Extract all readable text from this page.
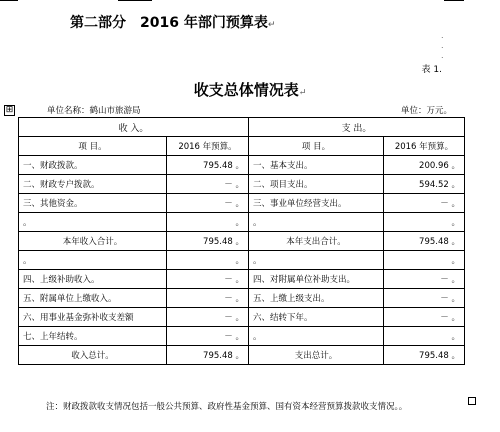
第二部分　2016 年部门预算表↵
.
.
.
表 1.
收支总体情况表↵
⊞	单位名称：鹤山市旅游局	单位：万元。
收 入。		支 出。	
项 目。	2016 年预算。	项 目。	2016 年预算。
一、财政拨款。	795.48 。	一、基本支出。	200.96 。
二、财政专户拨款。	－ 。	二、项目支出。	594.52 。
三、其他资金。	－ 。	三、事业单位经营支出。	－ 。
。	。	。	。
本年收入合计。	795.48 。	本年支出合计。	795.48 。
。	。	。	。
四、上级补助收入。	－ 。	四、对附属单位补助支出。	－ 。
五、附属单位上缴收入。	－ 。	五、上缴上级支出。	－ 。
六、用事业基金弥补收支差额	－ 。	六、结转下年。	－ 。
七、上年结转。	－ 。	。	。
收入总计。	795.48 。	支出总计。	795.48 。
注：财政拨款收支情况包括一般公共预算、政府性基金预算、国有资本经营预算拨款收支情况。。
